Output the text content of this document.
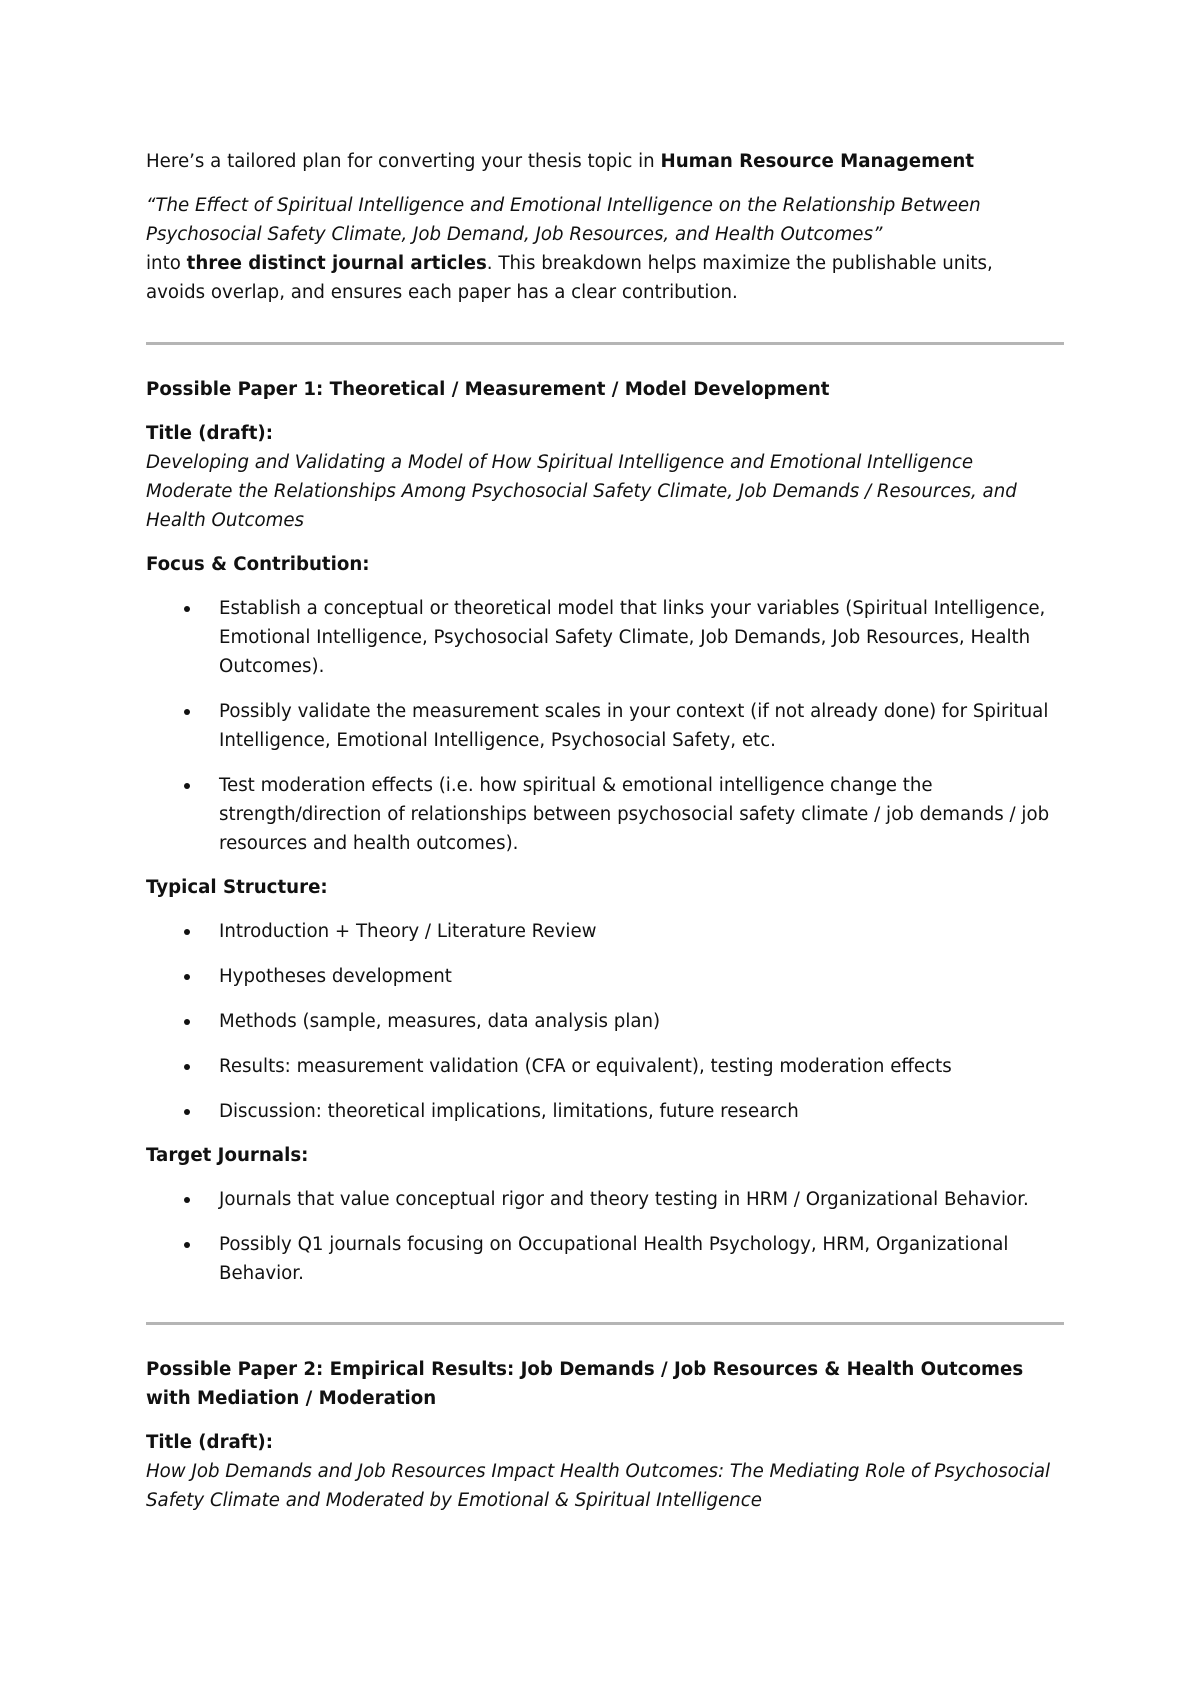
Here’s a tailored plan for converting your thesis topic in Human Resource Management

“The Effect of Spiritual Intelligence and Emotional Intelligence on the Relationship Between Psychosocial Safety Climate, Job Demand, Job Resources, and Health Outcomes”

into three distinct journal articles. This breakdown helps maximize the publishable units, avoids overlap, and ensures each paper has a clear contribution.

Possible Paper 1: Theoretical / Measurement / Model Development

Title (draft):

Developing and Validating a Model of How Spiritual Intelligence and Emotional Intelligence Moderate the Relationships Among Psychosocial Safety Climate, Job Demands / Resources, and Health Outcomes

Focus & Contribution:

Establish a conceptual or theoretical model that links your variables (Spiritual Intelligence, Emotional Intelligence, Psychosocial Safety Climate, Job Demands, Job Resources, Health Outcomes).
Possibly validate the measurement scales in your context (if not already done) for Spiritual Intelligence, Emotional Intelligence, Psychosocial Safety, etc.
Test moderation effects (i.e. how spiritual & emotional intelligence change the strength/direction of relationships between psychosocial safety climate / job demands / job resources and health outcomes).

Typical Structure:

Introduction + Theory / Literature Review
Hypotheses development
Methods (sample, measures, data analysis plan)
Results: measurement validation (CFA or equivalent), testing moderation effects
Discussion: theoretical implications, limitations, future research

Target Journals:

Journals that value conceptual rigor and theory testing in HRM / Organizational Behavior.
Possibly Q1 journals focusing on Occupational Health Psychology, HRM, Organizational Behavior.

Possible Paper 2: Empirical Results: Job Demands / Job Resources & Health Outcomes with Mediation / Moderation

Title (draft):

How Job Demands and Job Resources Impact Health Outcomes: The Mediating Role of Psychosocial Safety Climate and Moderated by Emotional & Spiritual Intelligence
